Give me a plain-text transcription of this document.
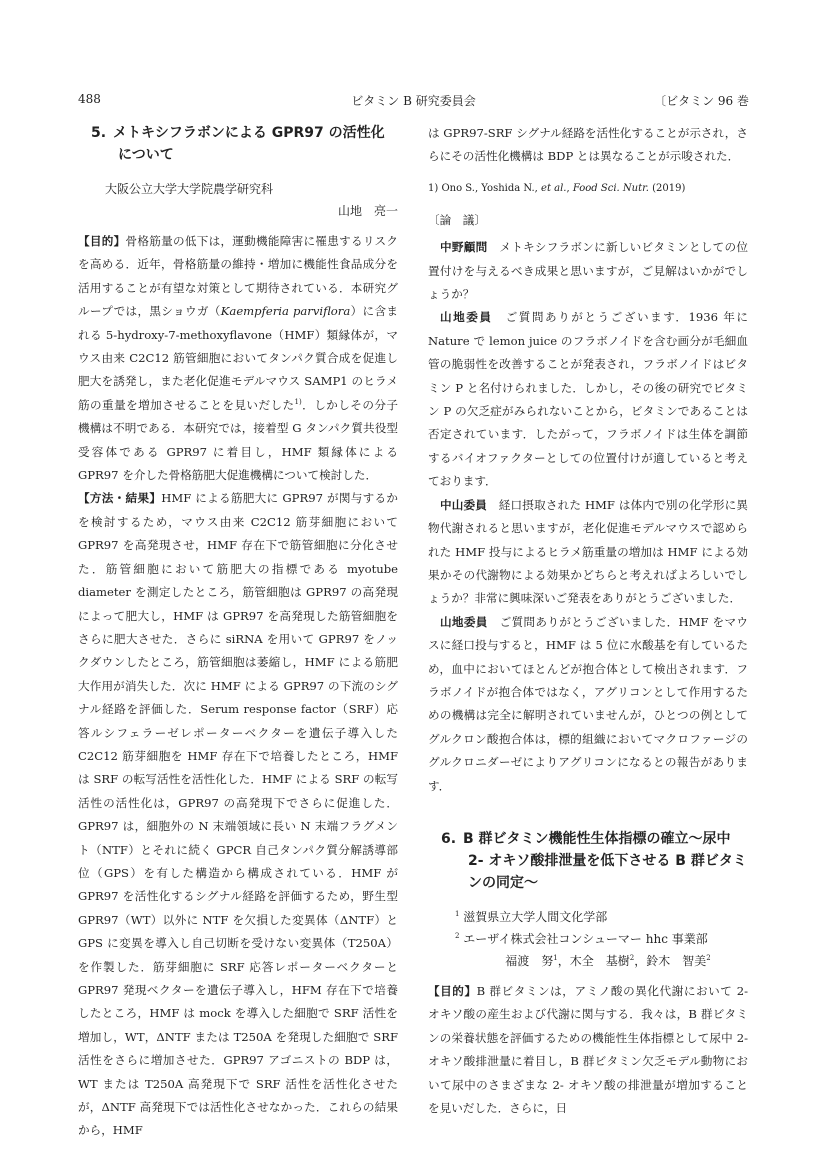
488	ビタミン B 研究委員会	〔ビタミン 96 巻
5. メトキシフラボンによる GPR97 の活性化について
大阪公立大学大学院農学研究科
山地　亮一

【目的】骨格筋量の低下は，運動機能障害に罹患するリスクを高める．近年，骨格筋量の維持・増加に機能性食品成分を活用することが有望な対策として期待されている．本研究グループでは，黒ショウガ（Kaempferia parviflora）に含まれる 5-hydroxy-7-methoxyflavone（HMF）類縁体が，マウス由来 C2C12 筋管細胞においてタンパク質合成を促進し肥大を誘発し，また老化促進モデルマウス SAMP1 のヒラメ筋の重量を増加させることを見いだした$^{1)}$．しかしその分子機構は不明である．本研究では，接着型 G タンパク質共役型受容体である GPR97 に着目し，HMF 類縁体による GPR97 を介した骨格筋肥大促進機構について検討した．

【方法・結果】HMF による筋肥大に GPR97 が関与するかを検討するため，マウス由来 C2C12 筋芽細胞において GPR97 を高発現させ，HMF 存在下で筋管細胞に分化させた．筋管細胞において筋肥大の指標である myotube diameter を測定したところ，筋管細胞は GPR97 の高発現によって肥大し，HMF は GPR97 を高発現した筋管細胞をさらに肥大させた．さらに siRNA を用いて GPR97 をノックダウンしたところ，筋管細胞は萎縮し，HMF による筋肥大作用が消失した．次に HMF による GPR97 の下流のシグナル経路を評価した．Serum response factor（SRF）応答ルシフェラーゼレポーターベクターを遺伝子導入した C2C12 筋芽細胞を HMF 存在下で培養したところ，HMF は SRF の転写活性を活性化した．HMF による SRF の転写活性の活性化は，GPR97 の高発現下でさらに促進した．GPR97 は，細胞外の N 末端領域に長い N 末端フラグメント（NTF）とそれに続く GPCR 自己タンパク質分解誘導部位（GPS）を有した構造から構成されている．HMF が GPR97 を活性化するシグナル経路を評価するため，野生型 GPR97（WT）以外に NTF を欠損した変異体（ΔNTF）と GPS に変異を導入し自己切断を受けない変異体（T250A）を作製した．筋芽細胞に SRF 応答レポーターベクターと GPR97 発現ベクターを遺伝子導入し，HFM 存在下で培養したところ，HMF は mock を導入した細胞で SRF 活性を増加し，WT，ΔNTF または T250A を発現した細胞で SRF 活性をさらに増加させた．GPR97 アゴニストの BDP は，WT または T250A 高発現下で SRF 活性を活性化させたが，ΔNTF 高発現下では活性化させなかった．これらの結果から，HMF

は GPR97-SRF シグナル経路を活性化することが示され，さらにその活性化機構は BDP とは異なることが示唆された．

1) Ono S., Yoshida N., et al., Food Sci. Nutr. (2019)
〔論　議〕

中野顧問　 メトキシフラボンに新しいビタミンとしての位置付けを与えるべき成果と思いますが，ご見解はいかがでしょうか？

山地委員　 ご質問ありがとうございます．1936 年に Nature で lemon juice のフラボノイドを含む画分が毛細血管の脆弱性を改善することが発表され，フラボノイドはビタミン P と名付けられました．しかし，その後の研究でビタミン P の欠乏症がみられないことから，ビタミンであることは否定されています．したがって，フラボノイドは生体を調節するバイオファクターとしての位置付けが適していると考えております．

中山委員　 経口摂取された HMF は体内で別の化学形に異物代謝されると思いますが，老化促進モデルマウスで認められた HMF 投与によるヒラメ筋重量の増加は HMF による効果かその代謝物による効果かどちらと考えればよろしいでしょうか？非常に興味深いご発表をありがとうございました．

山地委員　 ご質問ありがとうございました．HMF をマウスに経口投与すると，HMF は 5 位に水酸基を有しているため，血中においてほとんどが抱合体として検出されます．フラボノイドが抱合体ではなく，アグリコンとして作用するための機構は完全に解明されていませんが，ひとつの例としてグルクロン酸抱合体は，標的組織においてマクロファージのグルクロニダーゼによりアグリコンになるとの報告があります．

6. B 群ビタミン機能性生体指標の確立〜尿中 2- オキソ酸排泄量を低下させる B 群ビタミンの同定〜
$^1$ 滋賀県立大学人間文化学部
$^2$ エーザイ株式会社コンシューマー hhc 事業部
福渡　努$^1$，木全　基樹$^2$，鈴木　智美$^2$

【目的】B 群ビタミンは，アミノ酸の異化代謝において 2- オキソ酸の産生および代謝に関与する．我々は，B 群ビタミンの栄養状態を評価するための機能性生体指標として尿中 2- オキソ酸排泄量に着目し，B 群ビタミン欠乏モデル動物において尿中のさまざまな 2- オキソ酸の排泄量が増加することを見いだした．さらに，日
